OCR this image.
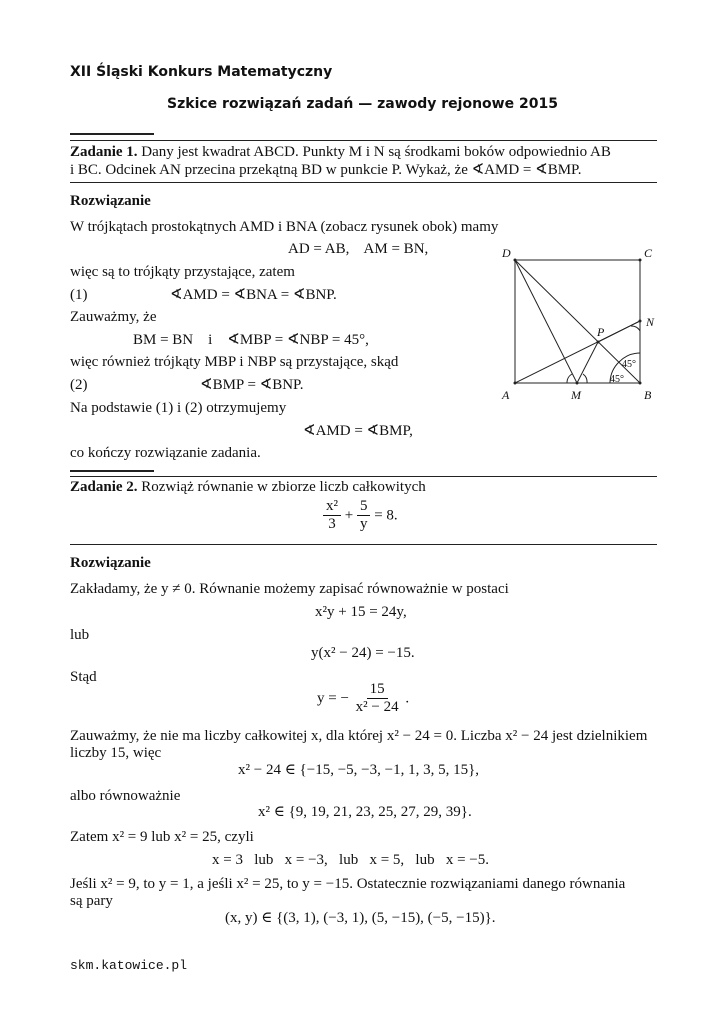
XII Śląski Konkurs Matematyczny
Szkice rozwiązań zadań — zawody rejonowe 2015
Zadanie 1. Dany jest kwadrat ABCD. Punkty M i N są środkami boków odpowiednio AB
i BC. Odcinek AN przecina przekątną BD w punkcie P. Wykaż, że ∢AMD = ∢BMP.
Rozwiązanie
W trójkątach prostokątnych AMD i BNA (zobacz rysunek obok) mamy
AD = AB,    AM = BN,
więc są to trójkąty przystające, zatem
(1)	∢AMD = ∢BNA = ∢BNP.
Zauważmy, że
BM = BN    i    ∢MBP = ∢NBP = 45°,
więc również trójkąty MBP i NBP są przystające, skąd
(2)	∢BMP = ∢BNP.
Na podstawie (1) i (2) otrzymujemy
∢AMD = ∢BMP,
co kończy rozwiązanie zadania.
D	C
N
P
A	M	B
45°
45°
Zadanie 2. Rozwiąż równanie w zbiorze liczb całkowitych
$\frac{\text{x²}}{3} + \frac{5}{y} = 8$.
Rozwiązanie
Zakładamy, że y ≠ 0. Równanie możemy zapisać równoważnie w postaci
x²y + 15 = 24y,
lub
y(x² − 24) = −15.
Stąd
y = − $\frac{15}{\text{x² − 24}}$ .
Zauważmy, że nie ma liczby całkowitej x, dla której x² − 24 = 0. Liczba x² − 24 jest dzielnikiem
liczby 15, więc
x² − 24 ∈ {−15, −5, −3, −1, 1, 3, 5, 15},
albo równoważnie
x² ∈ {9, 19, 21, 23, 25, 27, 29, 39}.
Zatem x² = 9 lub x² = 25, czyli
x = 3   lub   x = −3,   lub   x = 5,   lub   x = −5.
Jeśli x² = 9, to y = 1, a jeśli x² = 25, to y = −15. Ostatecznie rozwiązaniami danego równania
są pary
(x, y) ∈ {(3, 1), (−3, 1), (5, −15), (−5, −15)}.
skm.katowice.pl
